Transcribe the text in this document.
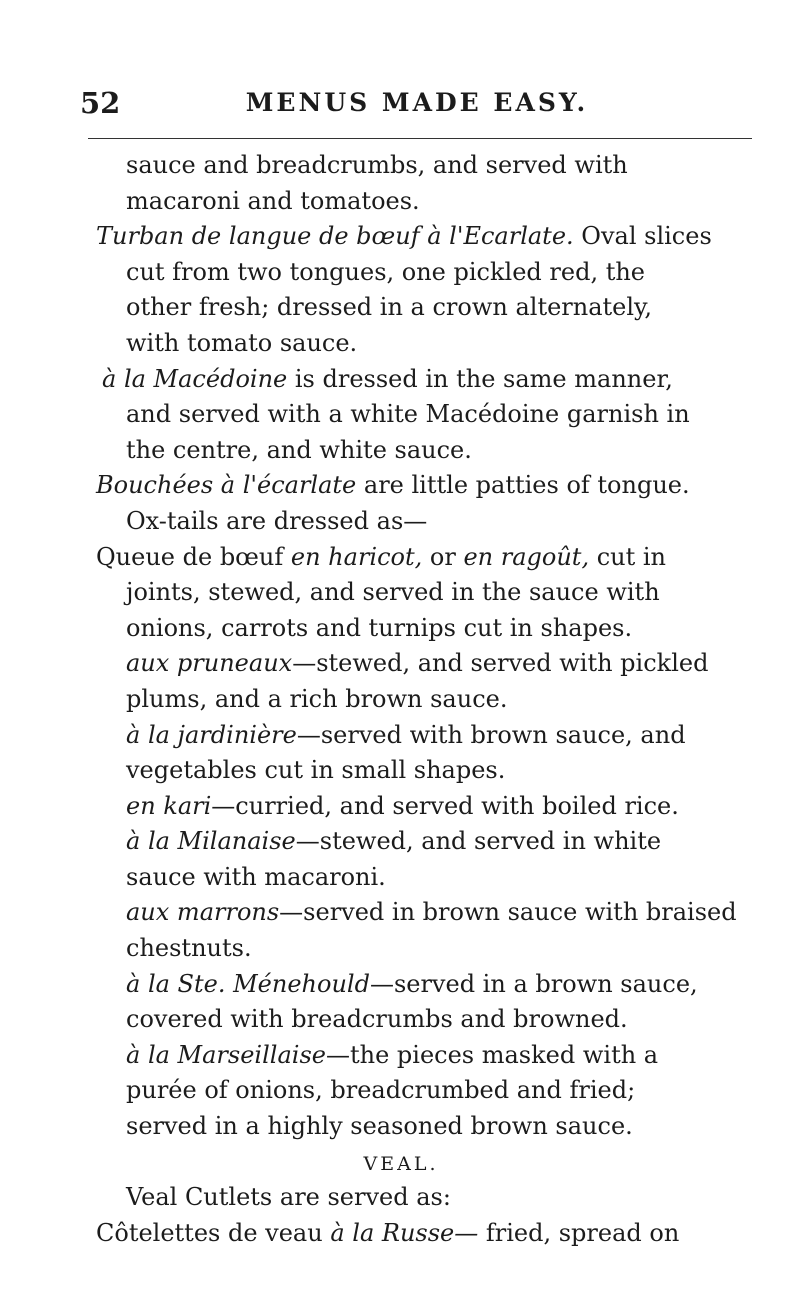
52	MENUS MADE EASY.
sauce and breadcrumbs, and served with
macaroni and tomatoes.
Turban de langue de bœuf à l'Ecarlate. Oval slices
cut from two tongues, one pickled red, the
other fresh; dressed in a crown alternately,
with tomato sauce.
à la Macédoine is dressed in the same manner,
and served with a white Macédoine garnish in
the centre, and white sauce.
Bouchées à l'écarlate are little patties of tongue.
Ox-tails are dressed as—
Queue de bœuf en haricot, or en ragoût, cut in
joints, stewed, and served in the sauce with
onions, carrots and turnips cut in shapes.
aux pruneaux—stewed, and served with pickled
plums, and a rich brown sauce.
à la jardinière—served with brown sauce, and
vegetables cut in small shapes.
en kari—curried, and served with boiled rice.
à la Milanaise—stewed, and served in white
sauce with macaroni.
aux marrons—served in brown sauce with braised
chestnuts.
à la Ste. Ménehould—served in a brown sauce,
covered with breadcrumbs and browned.
à la Marseillaise—the pieces masked with a
purée of onions, breadcrumbed and fried;
served in a highly seasoned brown sauce.
VEAL.
Veal Cutlets are served as:
Côtelettes de veau à la Russe— fried, spread on
